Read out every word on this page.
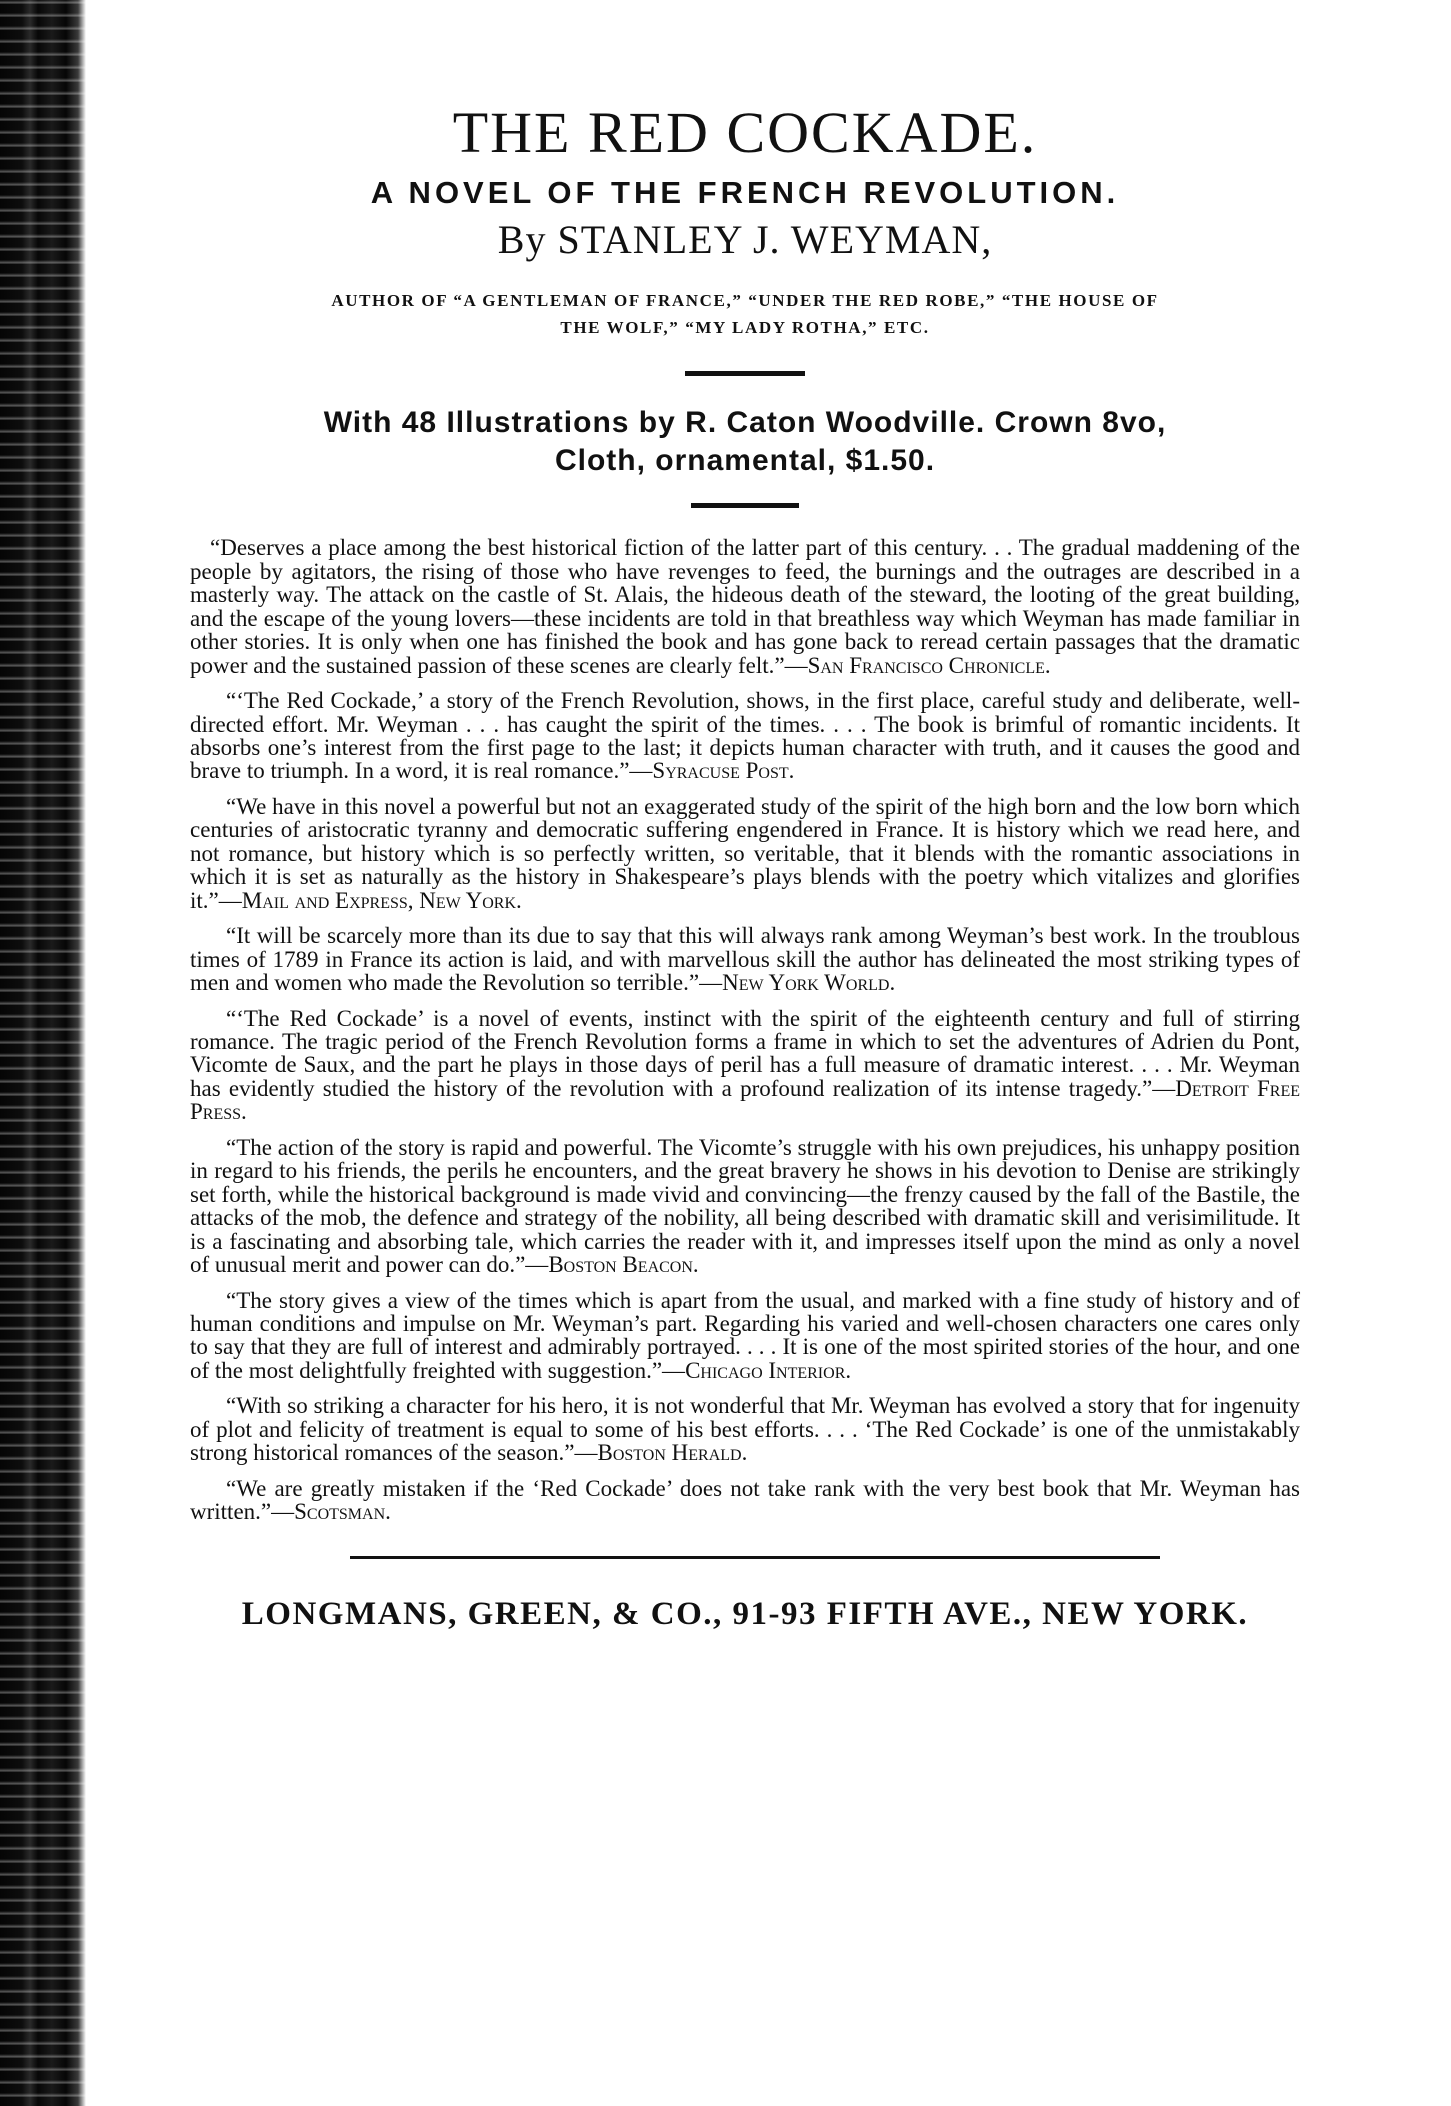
THE RED COCKADE.
A NOVEL OF THE FRENCH REVOLUTION.
By STANLEY J. WEYMAN,
AUTHOR OF “A GENTLEMAN OF FRANCE,” “UNDER THE RED ROBE,” “THE HOUSE OF
THE WOLF,” “MY LADY ROTHA,” ETC.
With 48 Illustrations by R. Caton Woodville. Crown 8vo,
Cloth, ornamental, $1.50.

“Deserves a place among the best historical fiction of the latter part of this century. . . The gradual maddening of the people by agitators, the rising of those who have revenges to feed, the burnings and the outrages are described in a masterly way. The attack on the castle of St. Alais, the hideous death of the steward, the looting of the great building, and the escape of the young lovers—these incidents are told in that breathless way which Weyman has made familiar in other stories. It is only when one has finished the book and has gone back to reread certain passages that the dramatic power and the sustained passion of these scenes are clearly felt.”—San Francisco Chronicle.

“‘The Red Cockade,’ a story of the French Revolution, shows, in the first place, careful study and deliberate, well-directed effort. Mr. Weyman . . . has caught the spirit of the times. . . . The book is brimful of romantic incidents. It absorbs one’s interest from the first page to the last; it depicts human character with truth, and it causes the good and brave to triumph. In a word, it is real romance.”—Syracuse Post.

“We have in this novel a powerful but not an exaggerated study of the spirit of the high born and the low born which centuries of aristocratic tyranny and democratic suffering engendered in France. It is history which we read here, and not romance, but history which is so perfectly written, so veritable, that it blends with the romantic associations in which it is set as naturally as the history in Shakespeare’s plays blends with the poetry which vitalizes and glorifies it.”—Mail and Express, New York.

“It will be scarcely more than its due to say that this will always rank among Weyman’s best work. In the troublous times of 1789 in France its action is laid, and with marvellous skill the author has delineated the most striking types of men and women who made the Revolution so terrible.”—New York World.

“‘The Red Cockade’ is a novel of events, instinct with the spirit of the eighteenth century and full of stirring romance. The tragic period of the French Revolution forms a frame in which to set the adventures of Adrien du Pont, Vicomte de Saux, and the part he plays in those days of peril has a full measure of dramatic interest. . . . Mr. Weyman has evidently studied the history of the revolution with a profound realization of its intense tragedy.”—Detroit Free Press.

“The action of the story is rapid and powerful. The Vicomte’s struggle with his own prejudices, his unhappy position in regard to his friends, the perils he encounters, and the great bravery he shows in his devotion to Denise are strikingly set forth, while the historical background is made vivid and convincing—the frenzy caused by the fall of the Bastile, the attacks of the mob, the defence and strategy of the nobility, all being described with dramatic skill and verisimilitude. It is a fascinating and absorbing tale, which carries the reader with it, and impresses itself upon the mind as only a novel of unusual merit and power can do.”—Boston Beacon.

“The story gives a view of the times which is apart from the usual, and marked with a fine study of history and of human conditions and impulse on Mr. Weyman’s part. Regarding his varied and well-chosen characters one cares only to say that they are full of interest and admirably portrayed. . . . It is one of the most spirited stories of the hour, and one of the most delightfully freighted with suggestion.”—Chicago Interior.

“With so striking a character for his hero, it is not wonderful that Mr. Weyman has evolved a story that for ingenuity of plot and felicity of treatment is equal to some of his best efforts. . . . ‘The Red Cockade’ is one of the unmistakably strong historical romances of the season.”—Boston Herald.

“We are greatly mistaken if the ‘Red Cockade’ does not take rank with the very best book that Mr. Weyman has written.”—Scotsman.

LONGMANS, GREEN, & CO., 91-93 FIFTH AVE., NEW YORK.
